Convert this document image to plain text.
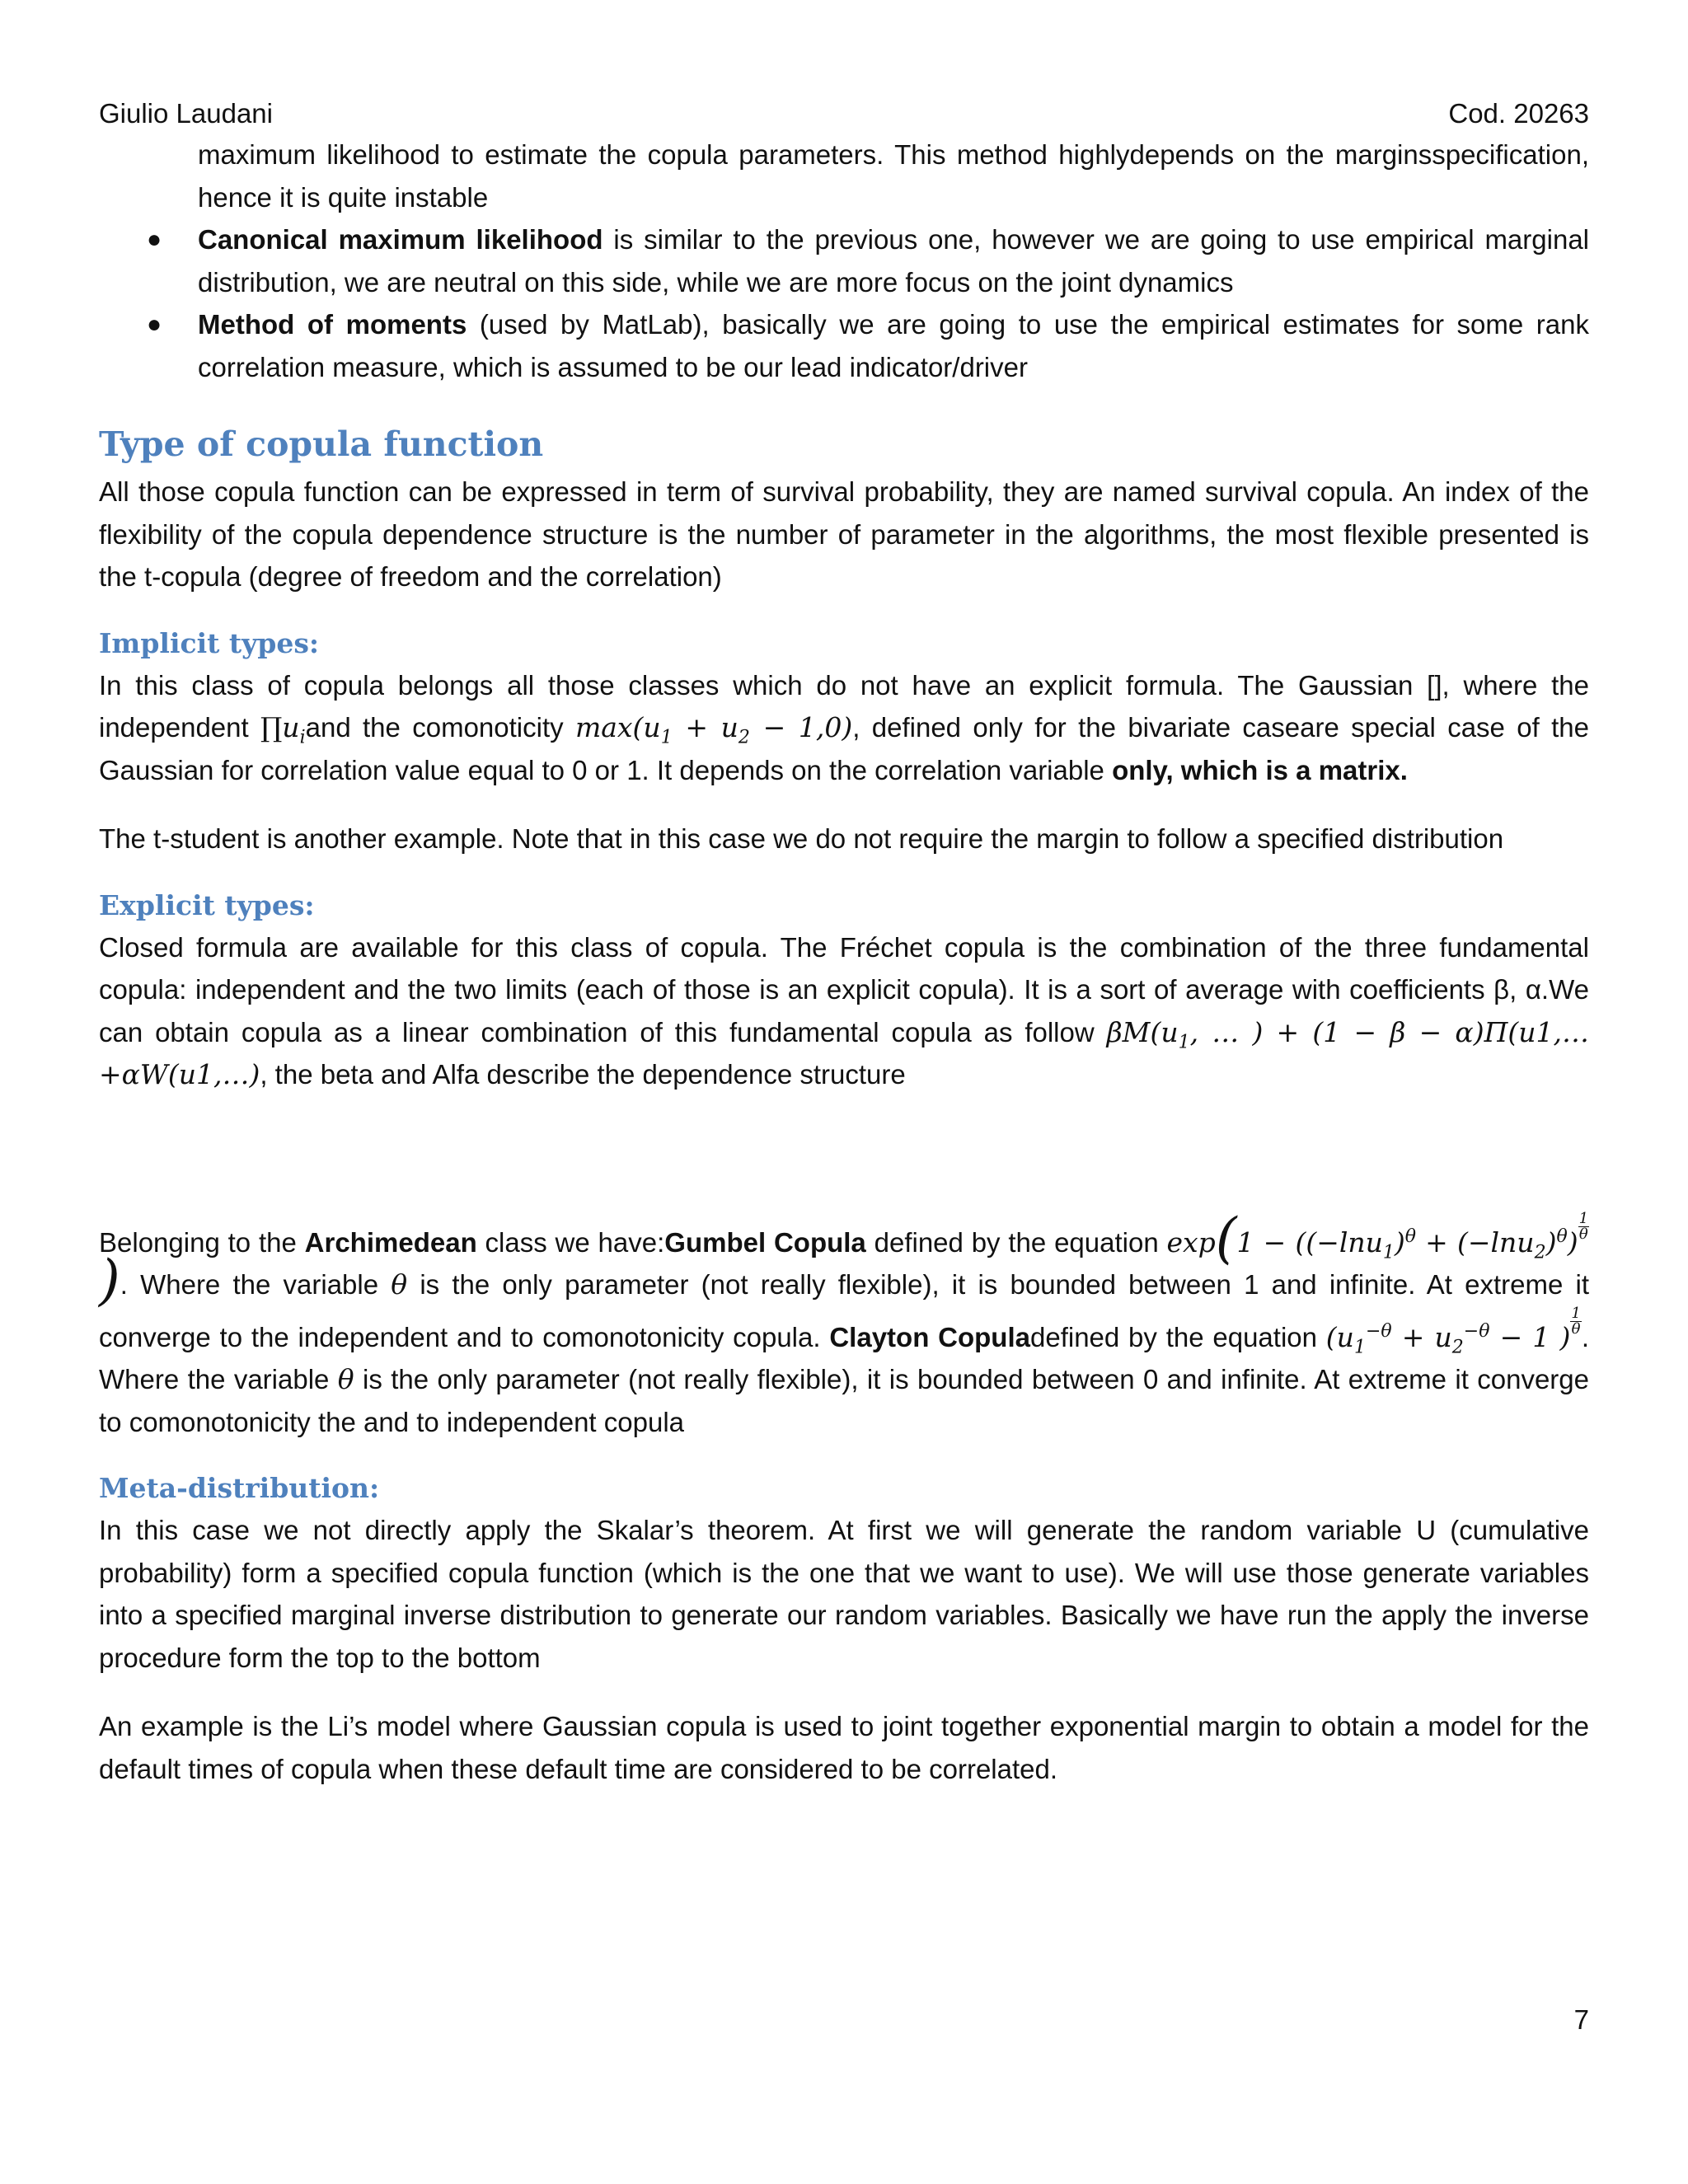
Giulio Laudani	Cod. 20263

maximum likelihood to estimate the copula parameters. This method highlydepends on the marginsspecification, hence it is quite instable

● Canonical maximum likelihood is similar to the previous one, however we are going to use empirical marginal distribution, we are neutral on this side, while we are more focus on the joint dynamics
● Method of moments (used by MatLab), basically we are going to use the empirical estimates for some rank correlation measure, which is assumed to be our lead indicator/driver
Type of copula function

All those copula function can be expressed in term of survival probability, they are named survival copula. An index of the flexibility of the copula dependence structure is the number of parameter in the algorithms, the most flexible presented is the t-copula (degree of freedom and the correlation)

Implicit types:

In this class of copula belongs all those classes which do not have an explicit formula. The Gaussian [], where the independent $\prod u_iand$ the comonoticity $\max(u_1 + u_2 - 1,0)$, defined only for the bivariate caseare special case of the Gaussian for correlation value equal to 0 or 1. It depends on the correlation variable only, which is a matrix.

The t-student is another example. Note that in this case we do not require the margin to follow a specified distribution

Explicit types:

Closed formula are available for this class of copula. The Fréchet copula is the combination of the three fundamental copula: independent and the two limits (each of those is an explicit copula). It is a sort of average with coefficients β, α.We can obtain copula as a linear combination of this fundamental copula as follow $\beta M(u_1$, … ) + (1 − β − α)Π(u1,…+αW(u1,…), the beta and Alfa describe the dependence structure

Belonging to the Archimedean class we have:Gumbel Copula defined by the equation $\exp(1 - ((-\ln u_1)^\theta + (-\ln u_2)^\theta) \frac{1}{\theta}$
). Where the variable θ is the only parameter (not really flexible), it is bounded between 1 and infinite. At extreme it converge to the independent and to comonotonicity copula. Clayton Copuladefined by the equation ($u_1^{-\theta} + u_2^{-\theta} - 1$ ) $\frac{1}{\theta}$
. Where the variable θ is the only parameter (not really flexible), it is bounded between 0 and infinite. At extreme it converge to comonotonicity the and to independent copula

Meta-distribution:

In this case we not directly apply the Skalar’s theorem. At first we will generate the random variable U (cumulative probability) form a specified copula function (which is the one that we want to use). We will use those generate variables into a specified marginal inverse distribution to generate our random variables. Basically we have run the apply the inverse procedure form the top to the bottom

An example is the Li’s model where Gaussian copula is used to joint together exponential margin to obtain a model for the default times of copula when these default time are considered to be correlated.

7
